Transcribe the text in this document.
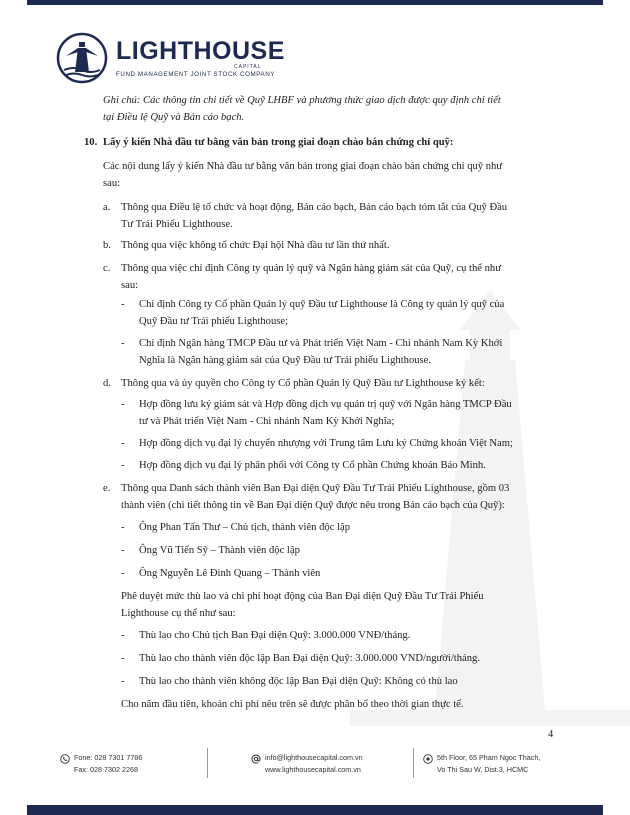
LIGHTHOUSE
CAPITAL
FUND MANAGEMENT JOINT STOCK COMPANY
Ghi chú: Các thông tin chi tiết về Quỹ LHBF và phương thức giao dịch được quy định chi tiết
tại Điều lệ Quỹ và Bản cáo bạch.
10. Lấy ý kiến Nhà đầu tư bằng văn bản trong giai đoạn chào bán chứng chỉ quỹ:
Các nội dung lấy ý kiến Nhà đầu tư bằng văn bản trong giai đoạn chào bán chứng chỉ quỹ như
sau:
a. Thông qua Điều lệ tổ chức và hoạt động, Bản cáo bạch, Bản cáo bạch tóm tắt của Quỹ Đầu
Tư Trái Phiếu Lighthouse.
b. Thông qua việc không tổ chức Đại hội Nhà đầu tư lần thứ nhất.
c. Thông qua việc chỉ định Công ty quản lý quỹ và Ngân hàng giám sát của Quỹ, cụ thể như
sau:
- Chỉ định Công ty Cổ phần Quản lý quỹ Đầu tư Lighthouse là Công ty quản lý quỹ của
Quỹ Đầu tư Trái phiếu Lighthouse;
- Chỉ định Ngân hàng TMCP Đầu tư và Phát triển Việt Nam - Chi nhánh Nam Kỳ Khởi
Nghĩa là Ngân hàng giám sát của Quỹ Đầu tư Trái phiếu Lighthouse.
d. Thông qua và ủy quyền cho Công ty Cổ phần Quản lý Quỹ Đầu tư Lighthouse ký kết:
- Hợp đồng lưu ký giám sát và Hợp đồng dịch vụ quản trị quỹ với Ngân hàng TMCP Đầu
tư và Phát triển Việt Nam - Chi nhánh Nam Kỳ Khởi Nghĩa;
- Hợp đồng dịch vụ đại lý chuyển nhượng với Trung tâm Lưu ký Chứng khoán Việt Nam;
- Hợp đồng dịch vụ đại lý phân phối với Công ty Cổ phần Chứng khoán Bảo Minh.
e. Thông qua Danh sách thành viên Ban Đại diện Quỹ Đầu Tư Trái Phiếu Lighthouse, gồm 03
thành viên (chi tiết thông tin về Ban Đại diện Quỹ được nêu trong Bản cáo bạch của Quỹ):
- Ông Phan Tấn Thư – Chủ tịch, thành viên độc lập
- Ông Vũ Tiến Sỹ – Thành viên độc lập
- Ông Nguyễn Lê Đình Quang – Thành viên
Phê duyệt mức thù lao và chi phí hoạt động của Ban Đại diện Quỹ Đầu Tư Trái Phiếu
Lighthouse cụ thể như sau:
- Thù lao cho Chủ tịch Ban Đại diện Quỹ: 3.000.000 VNĐ/tháng.
- Thù lao cho thành viên độc lập Ban Đại diện Quỹ: 3.000.000 VND/người/tháng.
- Thù lao cho thành viên không độc lập Ban Đại diện Quỹ: Không có thù lao
Cho năm đầu tiên, khoản chi phí nêu trên sẽ được phân bổ theo thời gian thực tế.
4
Fone: 028 7301 7786
Fax: 028 7302 2268
info@lighthousecapital.com.vn
www.lighthousecapital.com.vn
5th Floor, 65 Pham Ngoc Thach,
Vo Thi Sau W, Dist.3, HCMC
